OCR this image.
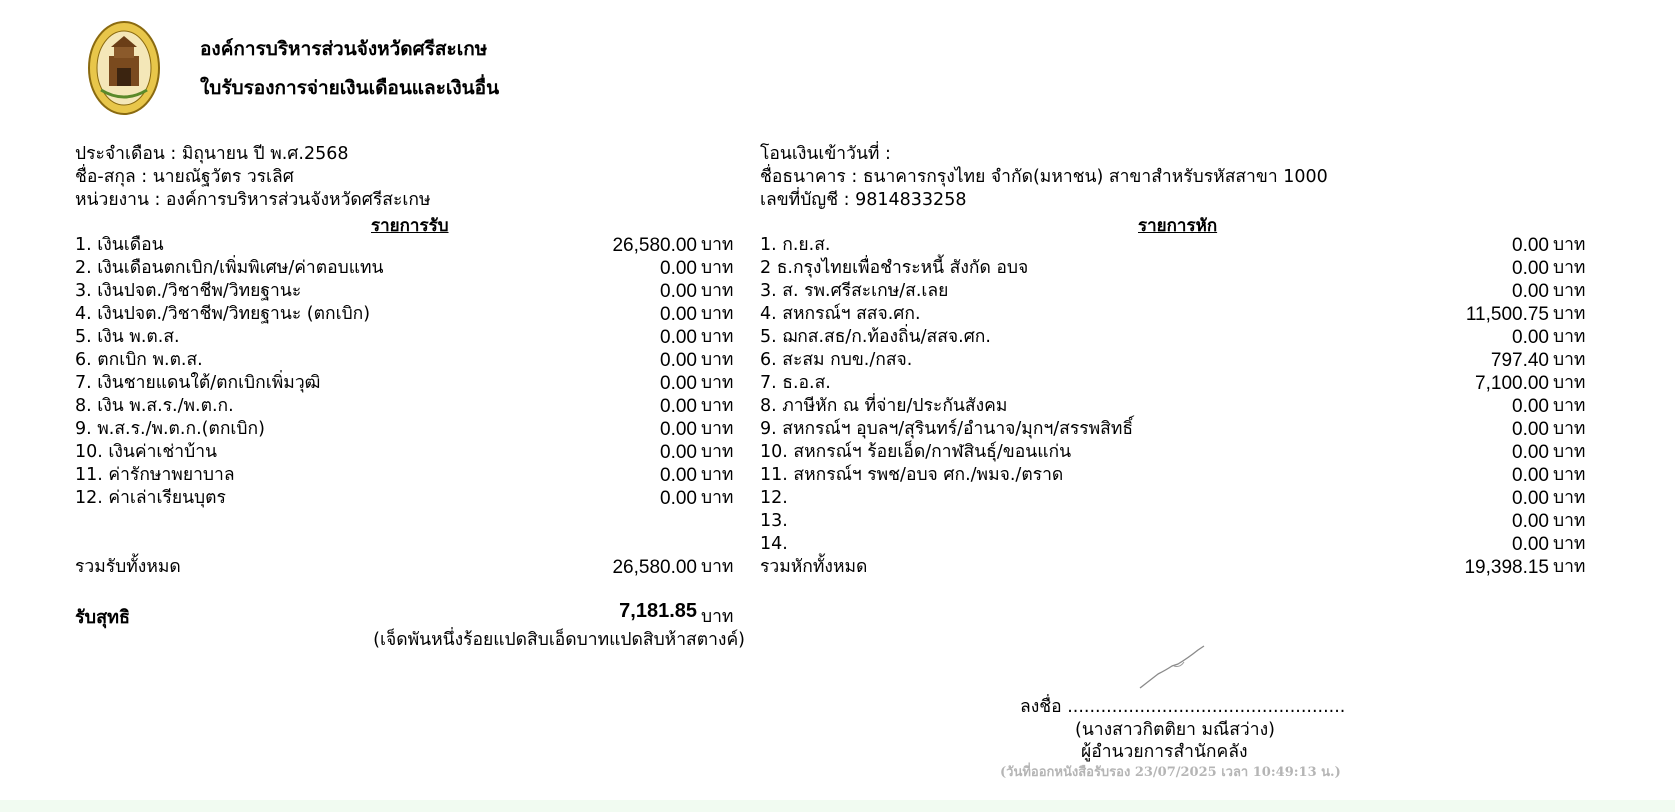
องค์การบริหารส่วนจังหวัดศรีสะเกษ
ใบรับรองการจ่ายเงินเดือนและเงินอื่น
ประจำเดือน : มิถุนายน ปี พ.ศ.2568
ชื่อ-สกุล : นายณัฐวัตร วรเลิศ
หน่วยงาน : องค์การบริหารส่วนจังหวัดศรีสะเกษ
โอนเงินเข้าวันที่ :
ชื่อธนาคาร : ธนาคารกรุงไทย จำกัด(มหาชน) สาขาสำหรับรหัสสาขา 1000
เลขที่บัญชี : 9814833258
รายการรับ	รายการหัก
1. เงินเดือน	26,580.00 บาท
2. เงินเดือนตกเบิก/เพิ่มพิเศษ/ค่าตอบแทน	0.00 บาท
3. เงินปจต./วิชาชีพ/วิทยฐานะ	0.00 บาท
4. เงินปจต./วิชาชีพ/วิทยฐานะ (ตกเบิก)	0.00 บาท
5. เงิน พ.ต.ส.	0.00 บาท
6. ตกเบิก พ.ต.ส.	0.00 บาท
7. เงินชายแดนใต้/ตกเบิกเพิ่มวุฒิ	0.00 บาท
8. เงิน พ.ส.ร./พ.ต.ก.	0.00 บาท
9. พ.ส.ร./พ.ต.ก.(ตกเบิก)	0.00 บาท
10. เงินค่าเช่าบ้าน	0.00 บาท
11. ค่ารักษาพยาบาล	0.00 บาท
12. ค่าเล่าเรียนบุตร	0.00 บาท
1. ก.ย.ส.	0.00 บาท
2 ธ.กรุงไทยเพื่อชำระหนี้ สังกัด อบจ	0.00 บาท
3. ส. รพ.ศรีสะเกษ/ส.เลย	0.00 บาท
4. สหกรณ์ฯ สสจ.ศก.	11,500.75 บาท
5. ฌกส.สธ/ก.ท้องถิ่น/สสจ.ศก.	0.00 บาท
6. สะสม กบข./กสจ.	797.40 บาท
7. ธ.อ.ส.	7,100.00 บาท
8. ภาษีหัก ณ ที่จ่าย/ประกันสังคม	0.00 บาท
9. สหกรณ์ฯ อุบลฯ/สุรินทร์/อำนาจ/มุกฯ/สรรพสิทธิ์	0.00 บาท
10. สหกรณ์ฯ ร้อยเอ็ด/กาฬสินธุ์/ขอนแก่น	0.00 บาท
11. สหกรณ์ฯ รพช/อบจ ศก./พมจ./ตราด	0.00 บาท
12.	0.00 บาท
13.	0.00 บาท
14.	0.00 บาท
รวมรับทั้งหมด	26,580.00 บาท	รวมหักทั้งหมด	19,398.15 บาท
รับสุทธิ	7,181.85 บาท
(เจ็ดพันหนึ่งร้อยแปดสิบเอ็ดบาทแปดสิบห้าสตางค์)
ลงชื่อ ..................................................
(นางสาวกิตติยา มณีสว่าง)
ผู้อำนวยการสำนักคลัง
(วันที่ออกหนังสือรับรอง 23/07/2025 เวลา 10:49:13 น.)
